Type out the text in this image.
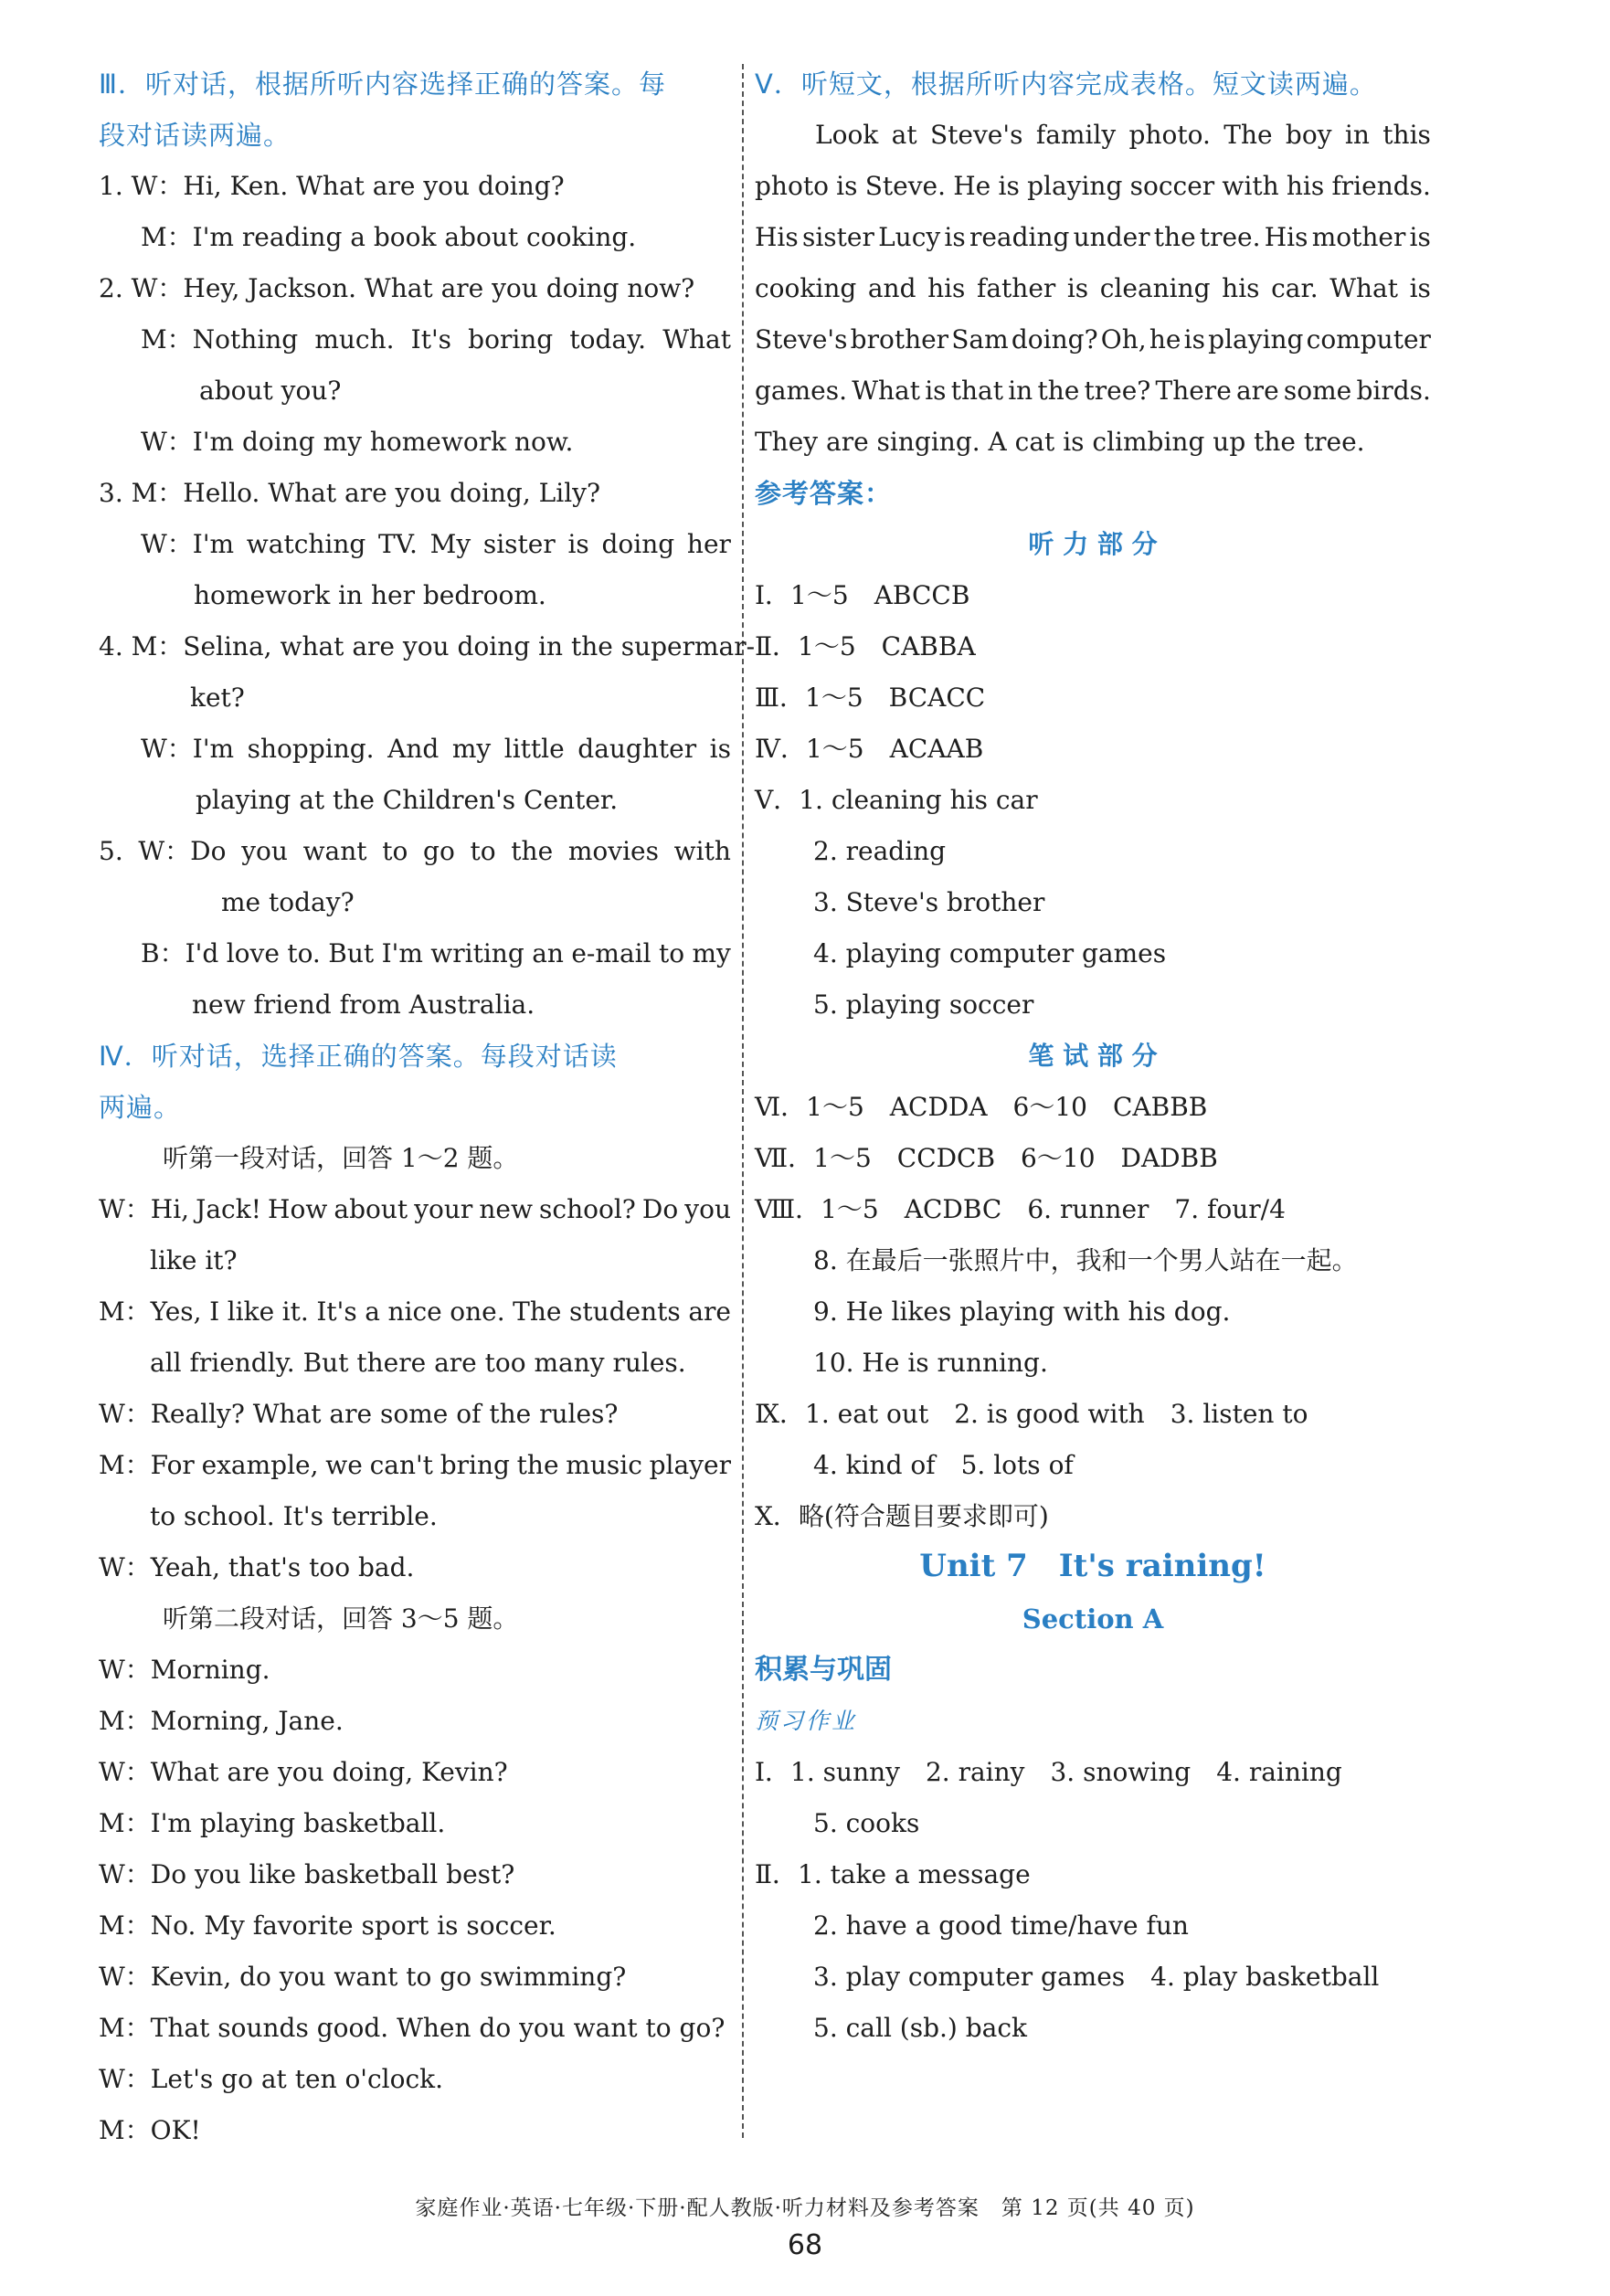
Ⅲ．听对话，根据所听内容选择正确的答案。每
段对话读两遍。
1. W：Hi, Ken. What are you doing?
M：I'm reading a book about cooking.
2. W：Hey, Jackson. What are you doing now?
M：Nothing much. It's boring today. What
about you?
W：I'm doing my homework now.
3. M：Hello. What are you doing, Lily?
W：I'm watching TV. My sister is doing her
homework in her bedroom.
4. M：Selina, what are you doing in the supermar-
ket?
W：I'm shopping. And my little daughter is
playing at the Children's Center.
5. W：Do you want to go to the movies with
me today?
B：I'd love to. But I'm writing an e-mail to my
new friend from Australia.
Ⅳ．听对话，选择正确的答案。每段对话读
两遍。
听第一段对话，回答 1～2 题。
W：Hi, Jack! How about your new school? Do you
like it?
M：Yes, I like it. It's a nice one. The students are
all friendly. But there are too many rules.
W：Really? What are some of the rules?
M：For example, we can't bring the music player
to school. It's terrible.
W：Yeah, that's too bad.
听第二段对话，回答 3～5 题。
W：Morning.
M：Morning, Jane.
W：What are you doing, Kevin?
M：I'm playing basketball.
W：Do you like basketball best?
M：No. My favorite sport is soccer.
W：Kevin, do you want to go swimming?
M：That sounds good. When do you want to go?
W：Let's go at ten o'clock.
M：OK!
Ⅴ．听短文，根据所听内容完成表格。短文读两遍。
Look at Steve's family photo. The boy in this
photo is Steve. He is playing soccer with his friends.
His sister Lucy is reading under the tree. His mother is
cooking and his father is cleaning his car. What is
Steve's brother Sam doing? Oh, he is playing computer
games. What is that in the tree? There are some birds.
They are singing. A cat is climbing up the tree.
参考答案：
听 力 部 分
Ⅰ．1～5　ABCCB
Ⅱ．1～5　CABBA
Ⅲ．1～5　BCACC
Ⅳ．1～5　ACAAB
Ⅴ．1. cleaning his car
2. reading
3. Steve's brother
4. playing computer games
5. playing soccer
笔 试 部 分
Ⅵ．1～5　ACDDA　6～10　CABBB
Ⅶ．1～5　CCDCB　6～10　DADBB
Ⅷ．1～5　ACDBC　6. runner　7. four/4
8. 在最后一张照片中，我和一个男人站在一起。
9. He likes playing with his dog.
10. He is running.
Ⅸ．1. eat out　2. is good with　3. listen to
4. kind of　5. lots of
Ⅹ．略(符合题目要求即可)
Unit 7　It's raining!
Section A
积累与巩固
预习作业
Ⅰ．1. sunny　2. rainy　3. snowing　4. raining
5. cooks
Ⅱ．1. take a message
2. have a good time/have fun
3. play computer games　4. play basketball
5. call (sb.) back
家庭作业·英语·七年级·下册·配人教版·听力材料及参考答案　第 12 页(共 40 页)
68
